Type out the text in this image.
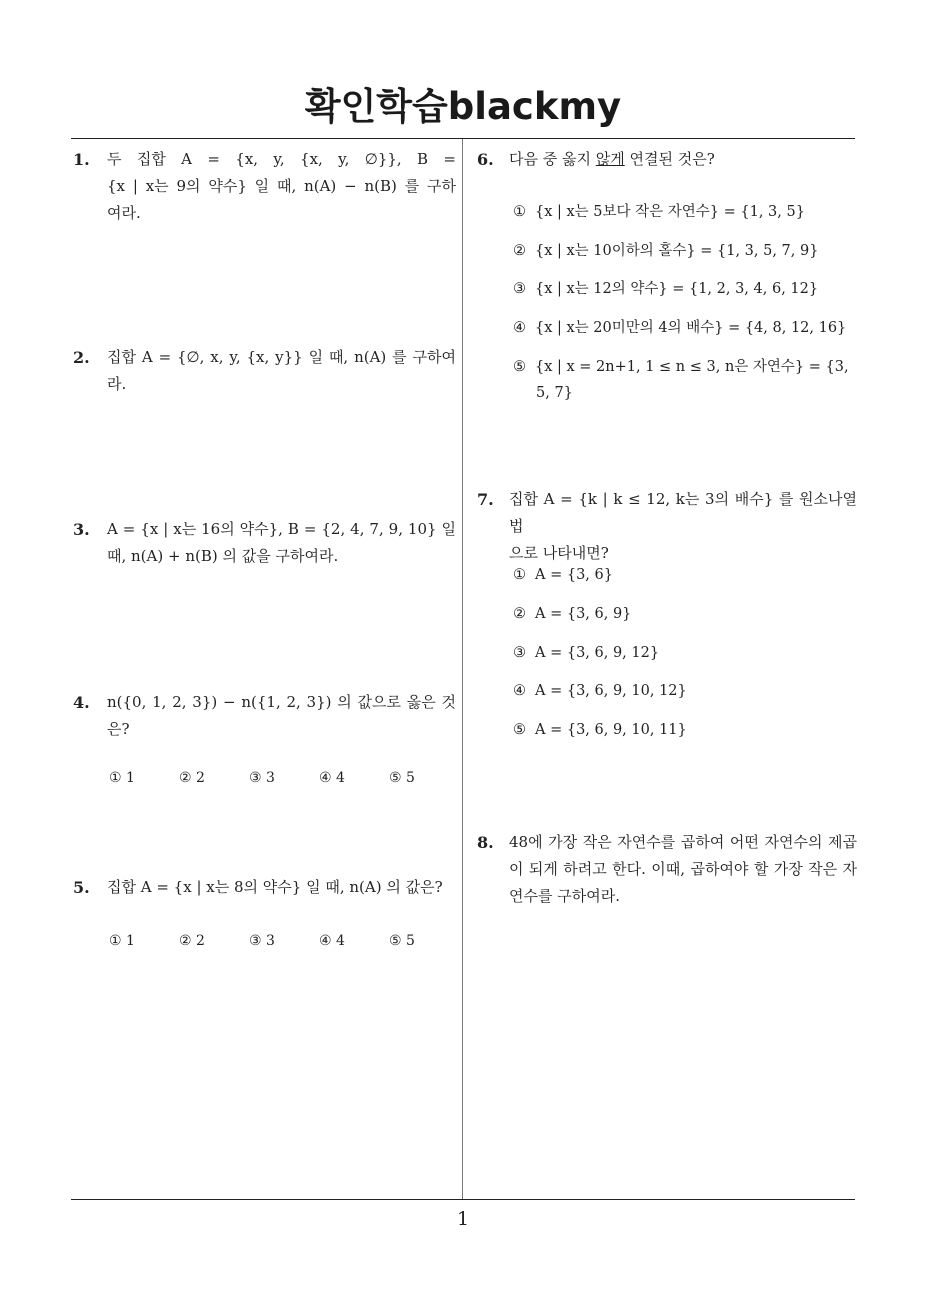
확인학습blackmy
1. 두 집합 A = {x, y, {x, y, ∅}}, B =
{x | x는 9의 약수} 일 때, n(A) − n(B) 를 구하
여라.
2. 집합 A = {∅, x, y, {x, y}} 일 때, n(A) 를 구하여
라.
3. A = {x | x는 16의 약수}, B = {2, 4, 7, 9, 10} 일
때, n(A) + n(B) 의 값을 구하여라.
4. n({0, 1, 2, 3}) − n({1, 2, 3}) 의 값으로 옳은 것
은?
① 1	② 2	③ 3	④ 4	⑤ 5
5. 집합 A = {x | x는 8의 약수} 일 때, n(A) 의 값은?
① 1	② 2	③ 3	④ 4	⑤ 5
6. 다음 중 옳지 않게 연결된 것은?
① {x | x는 5보다 작은 자연수} = {1, 3, 5}
② {x | x는 10이하의 홀수} = {1, 3, 5, 7, 9}
③ {x | x는 12의 약수} = {1, 2, 3, 4, 6, 12}
④ {x | x는 20미만의 4의 배수} = {4, 8, 12, 16}
⑤ {x | x = 2n+1, 1 ≤ n ≤ 3, n은 자연수} = {3,
5, 7}
7. 집합 A = {k | k ≤ 12, k는 3의 배수} 를 원소나열법
으로 나타내면?
① A = {3, 6}
② A = {3, 6, 9}
③ A = {3, 6, 9, 12}
④ A = {3, 6, 9, 10, 12}
⑤ A = {3, 6, 9, 10, 11}
8. 48에 가장 작은 자연수를 곱하여 어떤 자연수의 제곱
이 되게 하려고 한다. 이때, 곱하여야 할 가장 작은 자
연수를 구하여라.
1
